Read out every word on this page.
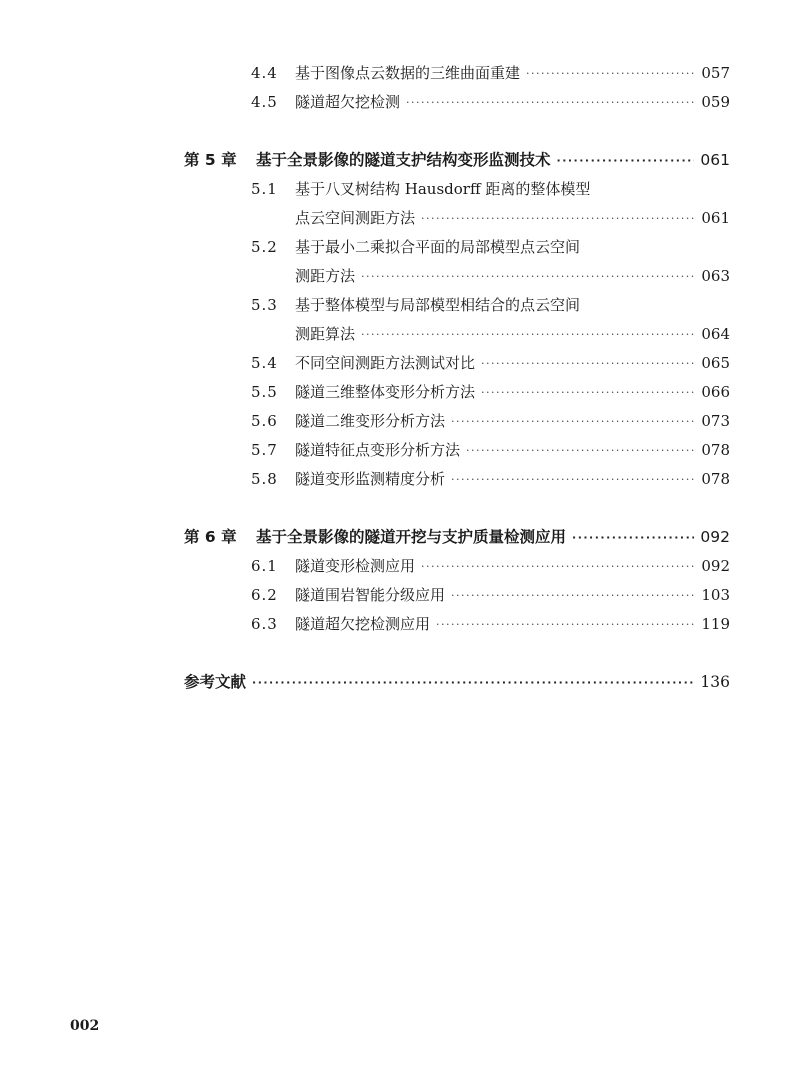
4.4	基于图像点云数据的三维曲面重建 ·····	057
4.5	隧道超欠挖检测 ·····	059
第 5 章	基于全景影像的隧道支护结构变形监测技术 ·····	061
5.1	基于八叉树结构 Hausdorff 距离的整体模型
点云空间测距方法 ·····	061
5.2	基于最小二乘拟合平面的局部模型点云空间
测距方法 ·····	063
5.3	基于整体模型与局部模型相结合的点云空间
测距算法 ·····	064
5.4	不同空间测距方法测试对比 ·····	065
5.5	隧道三维整体变形分析方法 ·····	066
5.6	隧道二维变形分析方法 ·····	073
5.7	隧道特征点变形分析方法 ·····	078
5.8	隧道变形监测精度分析 ·····	078
第 6 章	基于全景影像的隧道开挖与支护质量检测应用 ·····	092
6.1	隧道变形检测应用 ·····	092
6.2	隧道围岩智能分级应用 ·····	103
6.3	隧道超欠挖检测应用 ·····	119
参考文献 ·····	136
002
